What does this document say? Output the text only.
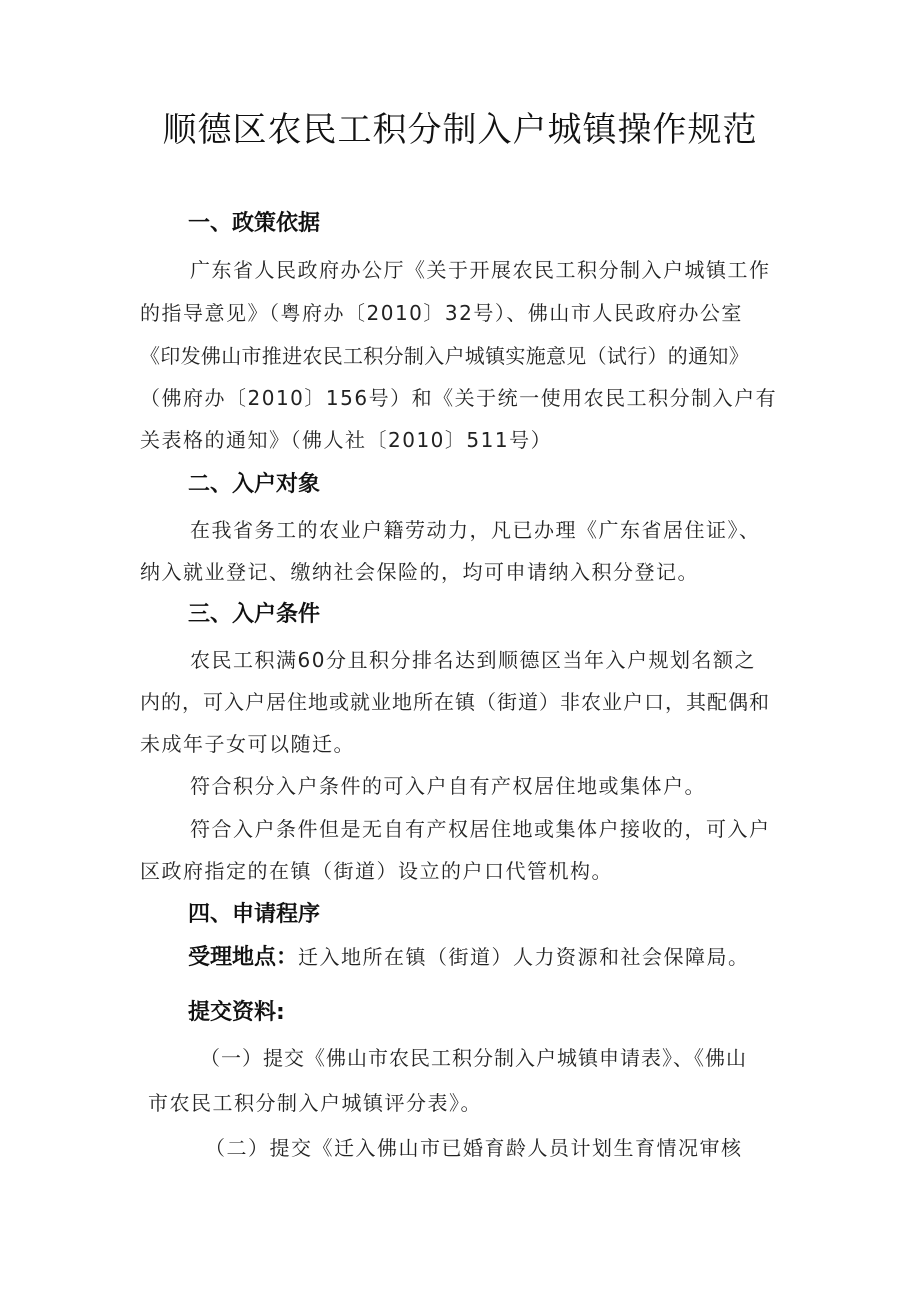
顺德区农民工积分制入户城镇操作规范
一、政策依据

广东省人民政府办公厅《关于开展农民工积分制入户城镇工作

的指导意见》（粤府办〔2010〕32号）、佛山市人民政府办公室

《印发佛山市推进农民工积分制入户城镇实施意见（试行）的通知》

（佛府办〔2010〕156号）和《关于统一使用农民工积分制入户有

关表格的通知》（佛人社〔2010〕511号）

二、入户对象

在我省务工的农业户籍劳动力，凡已办理《广东省居住证》、

纳入就业登记、缴纳社会保险的，均可申请纳入积分登记。

三、入户条件

农民工积满60分且积分排名达到顺德区当年入户规划名额之

内的，可入户居住地或就业地所在镇（街道）非农业户口，其配偶和

未成年子女可以随迁。

符合积分入户条件的可入户自有产权居住地或集体户。

符合入户条件但是无自有产权居住地或集体户接收的，可入户

区政府指定的在镇（街道）设立的户口代管机构。

四、申请程序

受理地点：迁入地所在镇（街道）人力资源和社会保障局。

提交资料:

（一）提交《佛山市农民工积分制入户城镇申请表》、《佛山

市农民工积分制入户城镇评分表》。

（二）提交《迁入佛山市已婚育龄人员计划生育情况审核
